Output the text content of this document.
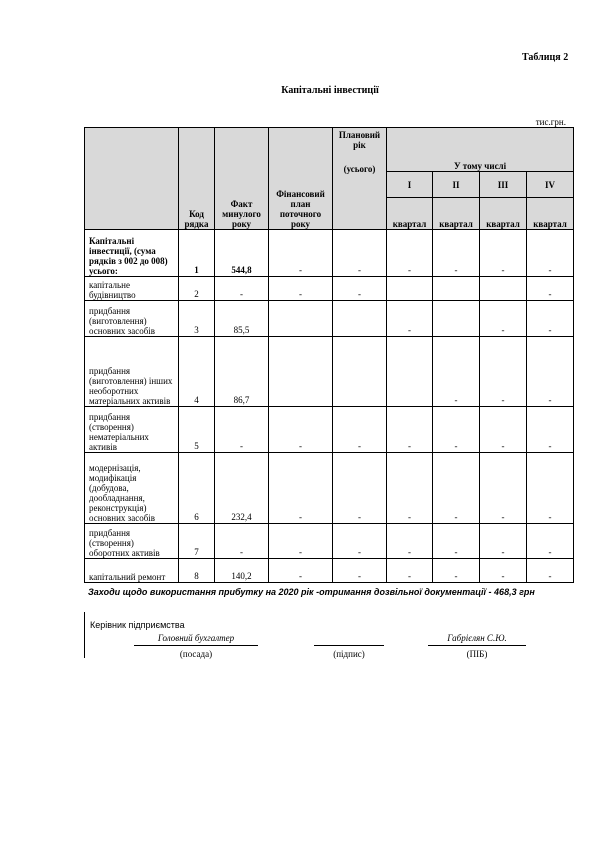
Таблиця 2
Капітальні інвестиції
тис.грн.
	Код рядка	Факт минулого року	Фінансовий план поточного року	Плановий рік
(усього)	У тому числі			
					I	II	III	IV
					квартал	квартал	квартал	квартал
Капітальні інвестиції, (сума рядків з 002 до 008) усього:	1	544,8	-	-	-	-	-	-
капітальне будівництво	2	-	-	-				-
придбання (виготовлення) основних засобів	3	85,5			-		-	-
придбання (виготовлення) інших необоротних матеріальних активів	4	86,7				-	-	-
придбання (створення) нематеріальних активів	5	-	-	-	-	-	-	-
модернізація, модифікація (добудова, дообладнання, реконструкція) основних засобів	6	232,4	-	-	-	-	-	-
придбання (створення) оборотних активів	7	-	-	-	-	-	-	-
капітальний ремонт	8	140,2	-	-	-	-	-	-
Заходи щодо використання прибутку на 2020 рік -отримання дозвільної документації - 468,3 грн
Керівник підприємства
Головний бухгалтер
(посада)	(підпис)
Габрієлян С.Ю.
(ПІБ)
